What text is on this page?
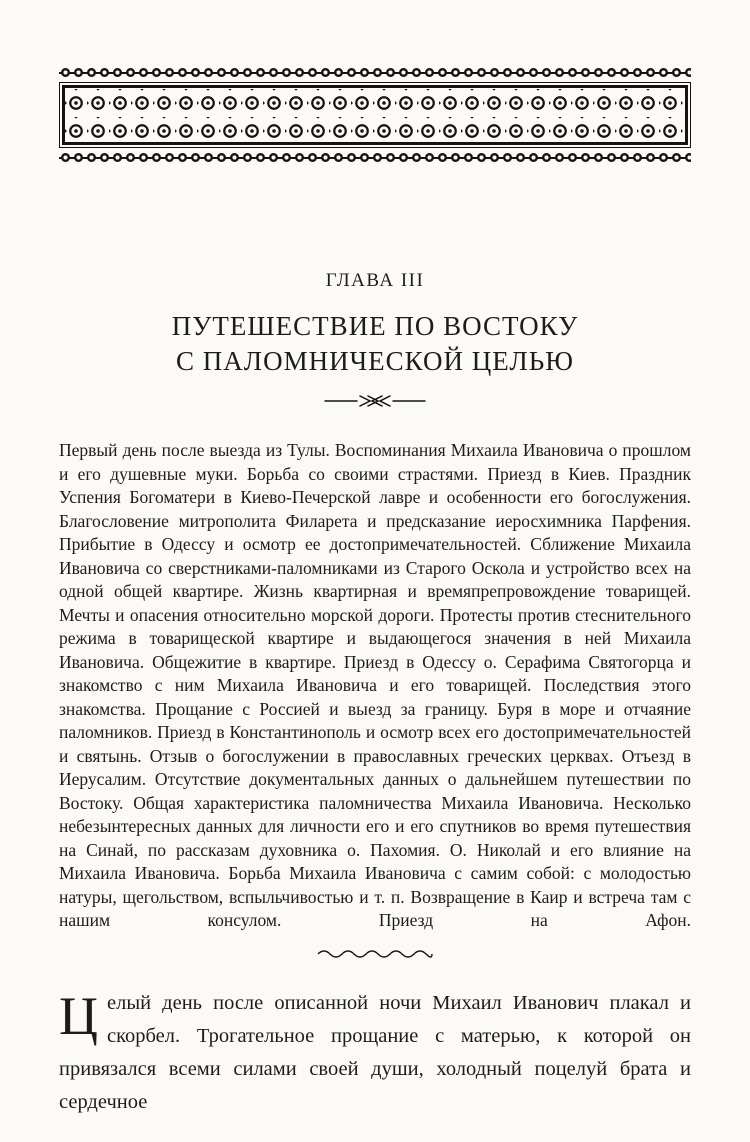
ГЛАВА III
ПУТЕШЕСТВИЕ ПО ВОСТОКУ
С ПАЛОМНИЧЕСКОЙ ЦЕЛЬЮ

Первый день после выезда из Тулы. Воспоминания Михаила Ивановича о прошлом и его душевные муки. Борьба со своими страстями. Приезд в Киев. Праздник Успения Богоматери в Киево-Печерской лавре и особенности его богослужения. Благословение митрополита Филарета и предсказание иеросхимника Парфения. Прибытие в Одессу и осмотр ее достопримечательностей. Сближение Михаила Ивановича со сверстниками-паломниками из Старого Оскола и устройство всех на одной общей квартире. Жизнь квартирная и времяпрепровождение товарищей. Мечты и опасения относительно морской дороги. Протесты против стеснительного режима в товарищеской квартире и выдающегося значения в ней Михаила Ивановича. Общежитие в квартире. Приезд в Одессу о. Серафима Святогорца и знакомство с ним Михаила Ивановича и его товарищей. Последствия этого знакомства. Прощание с Россией и выезд за границу. Буря в море и отчаяние паломников. Приезд в Константинополь и осмотр всех его достопримечательностей и святынь. Отзыв о богослужении в православных греческих церквах. Отъезд в Иерусалим. Отсутствие документальных данных о дальнейшем путешествии по Востоку. Общая характеристика паломничества Михаила Ивановича. Несколько небезынтересных данных для личности его и его спутников во время путешествия на Синай, по рассказам духовника о. Пахомия. О. Николай и его влияние на Михаила Ивановича. Борьба Михаила Ивановича с самим собой: с молодостью натуры, щегольством, вспыльчивостью и т. п. Возвращение в Каир и встреча там с нашим консулом. Приезд на Афон.

Целый день после описанной ночи Михаил Иванович плакал и скорбел. Трогательное прощание с матерью, к которой он привязался всеми силами своей души, холодный поцелуй брата и сердечное
